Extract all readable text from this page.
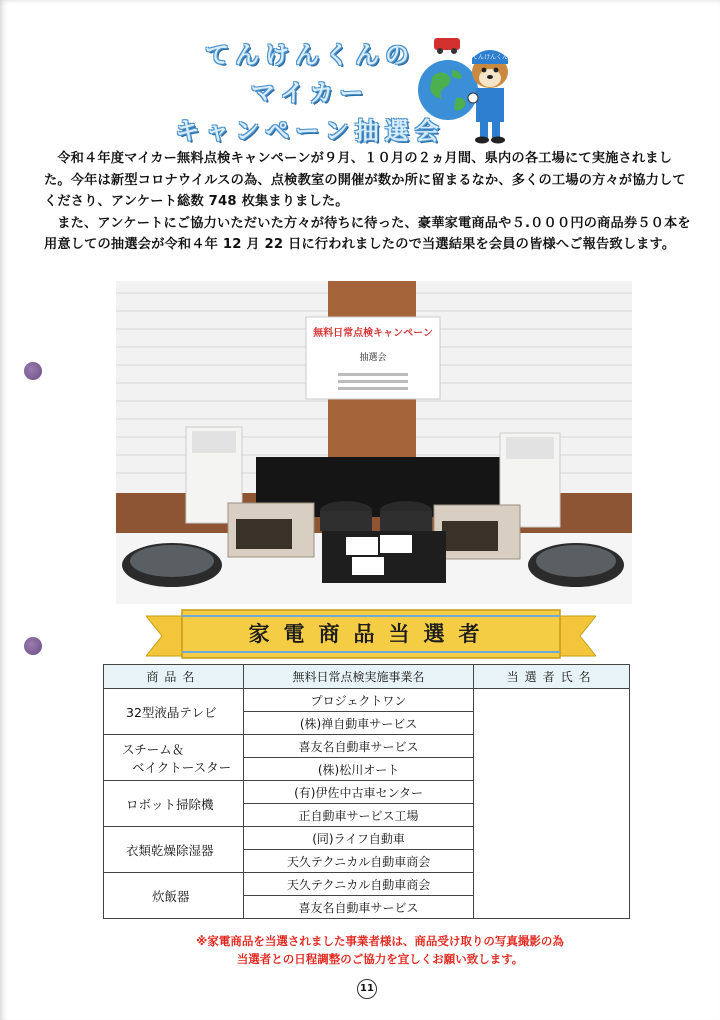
てんけんくんの
マイカー
キャンペーン抽選会
てんけんくん

令和４年度マイカー無料点検キャンペーンが９月、１０月の２ヵ月間、県内の各工場にて実施されました。今年は新型コロナウイルスの為、点検教室の開催が数か所に留まるなか、多くの工場の方々が協力してくださり、アンケート総数 748 枚集まりました。

また、アンケートにご協力いただいた方々が待ちに待った、豪華家電商品や５.０００円の商品券５０本を用意しての抽選会が令和４年 12 月 22 日に行われましたので当選結果を会員の皆様へご報告致します。

無料日常点検キャンペーン
抽選会
家電商品当選者
商品名	無料日常点検実施事業名	当選者氏名
32型液晶テレビ	プロジェクトワン	
	(株)禅自動車サービス	

スチーム＆
ベイクトースター	喜友名自動車サービス	
	(株)松川オート	
ロボット掃除機	(有)伊佐中古車センター	
	正自動車サービス工場	
衣類乾燥除湿器	(同)ライフ自動車	
	天久テクニカル自動車商会	
炊飯器	天久テクニカル自動車商会	
	喜友名自動車サービス	
※家電商品を当選されました事業者様は、商品受け取りの写真撮影の為
当選者との日程調整のご協力を宜しくお願い致します。
11
